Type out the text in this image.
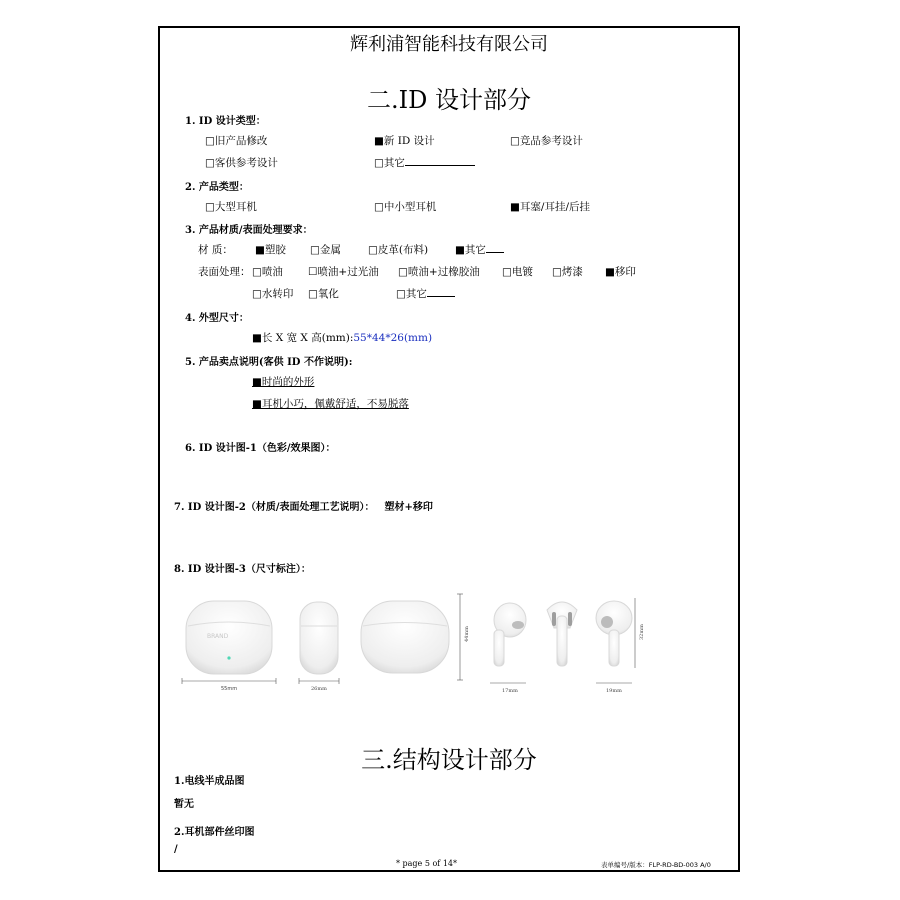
辉利浦智能科技有限公司
二.ID 设计部分
1. ID 设计类型：
□旧产品修改	■新 ID 设计	□竞品参考设计
□客供参考设计	□其它
2. 产品类型：
□大型耳机	□中小型耳机	■耳塞/耳挂/后挂
3. 产品材质/表面处理要求：
材 质： ■塑胶 □金属	□皮革(布料)	■其它
表面处理： □喷油 ☐喷油+过光油 □喷油+过橡胶油 □电镀 □烤漆 ■移印
□水转印 □氧化	□其它
4. 外型尺寸：
■长 X 宽 X 高(mm):55*44*26(mm)
5. 产品卖点说明(客供 ID 不作说明):
■时尚的外形
■耳机小巧，佩戴舒适，不易脱落
6. ID 设计图-1（色彩/效果图）：
7. ID 设计图-2（材质/表面处理工艺说明）： 塑材+移印
8. ID 设计图-3（尺寸标注）：
BRAND
55mm	26mm
44mm
17mm
32mm
19mm
三.结构设计部分
1.电线半成品图
暂无
2.耳机部件丝印图
/
* page 5 of 14*	表单编号/版本：FLP-RD-BD-003 A/0
